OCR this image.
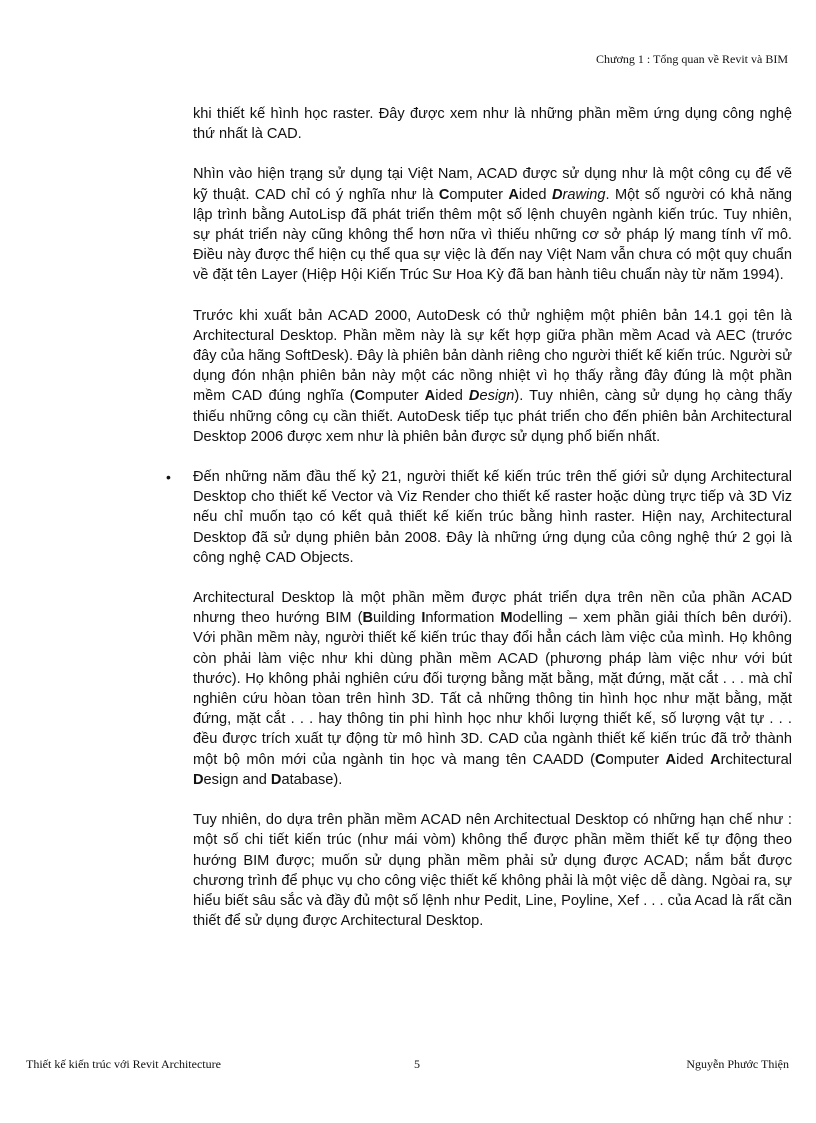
Chương 1 : Tổng quan về Revit và BIM

khi thiết kế hình học raster. Đây được xem như là những phần mềm ứng dụng công nghệ thứ nhất là CAD.

Nhìn vào hiện trạng sử dụng tại Việt Nam, ACAD được sử dụng như là một công cụ để vẽ kỹ thuật. CAD chỉ có ý nghĩa như là Computer Aided Drawing. Một số người có khả năng lập trình bằng AutoLisp đã phát triển thêm một số lệnh chuyên ngành kiến trúc. Tuy nhiên, sự phát triển này cũng không thể hơn nữa vì thiếu những cơ sở pháp lý mang tính vĩ mô. Điều này được thể hiện cụ thể qua sự việc là đến nay Việt Nam vẫn chưa có một quy chuẩn về đặt tên Layer (Hiệp Hội Kiến Trúc Sư Hoa Kỳ đã ban hành tiêu chuẩn này từ năm 1994).

Trước khi xuất bản ACAD 2000, AutoDesk có thử nghiệm một phiên bản 14.1 gọi tên là Architectural Desktop. Phần mềm này là sự kết hợp giữa phần mềm Acad và AEC (trước đây của hãng SoftDesk). Đây là phiên bản dành riêng cho người thiết kế kiến trúc. Người sử dụng đón nhận phiên bản này một các nồng nhiệt vì họ thấy rằng đây đúng là một phần mềm CAD đúng nghĩa (Computer Aided Design). Tuy nhiên, càng sử dụng họ càng thấy thiếu những công cụ cần thiết. AutoDesk tiếp tục phát triển cho đến phiên bản Architectural Desktop 2006 được xem như là phiên bản được sử dụng phổ biến nhất.

• Đến những năm đầu thế kỷ 21, người thiết kế kiến trúc trên thế giới sử dụng Architectural Desktop cho thiết kế Vector và Viz Render cho thiết kế raster hoặc dùng trực tiếp và 3D Viz nếu chỉ muốn tạo có kết quả thiết kế kiến trúc bằng hình raster. Hiện nay, Architectural Desktop đã sử dụng phiên bản 2008. Đây là những ứng dụng của công nghệ thứ 2 gọi là công nghệ CAD Objects.

Architectural Desktop là một phần mềm được phát triển dựa trên nền của phần ACAD nhưng theo hướng BIM (Building Information Modelling – xem phần giải thích bên dưới). Với phần mềm này, người thiết kế kiến trúc thay đổi hẳn cách làm việc của mình. Họ không còn phải làm việc như khi dùng phần mềm ACAD (phương pháp làm việc như với bút thước). Họ không phải nghiên cứu đối tượng bằng mặt bằng, mặt đứng, mặt cắt . . . mà chỉ nghiên cứu hòan tòan trên hình 3D. Tất cả những thông tin hình học như mặt bằng, mặt đứng, mặt cắt . . . hay thông tin phi hình học như khối lượng thiết kế, số lượng vật tự . . . đều được trích xuất tự động từ mô hình 3D. CAD của ngành thiết kế kiến trúc đã trở thành một bộ môn mới của ngành tin học và mang tên CAADD (Computer Aided Architectural Design and Database).

Tuy nhiên, do dựa trên phần mềm ACAD nên Architectual Desktop có những hạn chế như : một số chi tiết kiến trúc (như mái vòm) không thể được phần mềm thiết kế tự động theo hướng BIM được; muốn sử dụng phần mềm phải sử dụng được ACAD; nắm bắt được chương trình để phục vụ cho công việc thiết kế không phải là một việc dễ dàng. Ngòai ra, sự hiểu biết sâu sắc và đầy đủ một số lệnh như Pedit, Line, Poyline, Xef . . . của Acad là rất cần thiết để sử dụng được Architectural Desktop.

Thiết kế kiến trúc với Revit Architecture	5	Nguyễn Phước Thiện
